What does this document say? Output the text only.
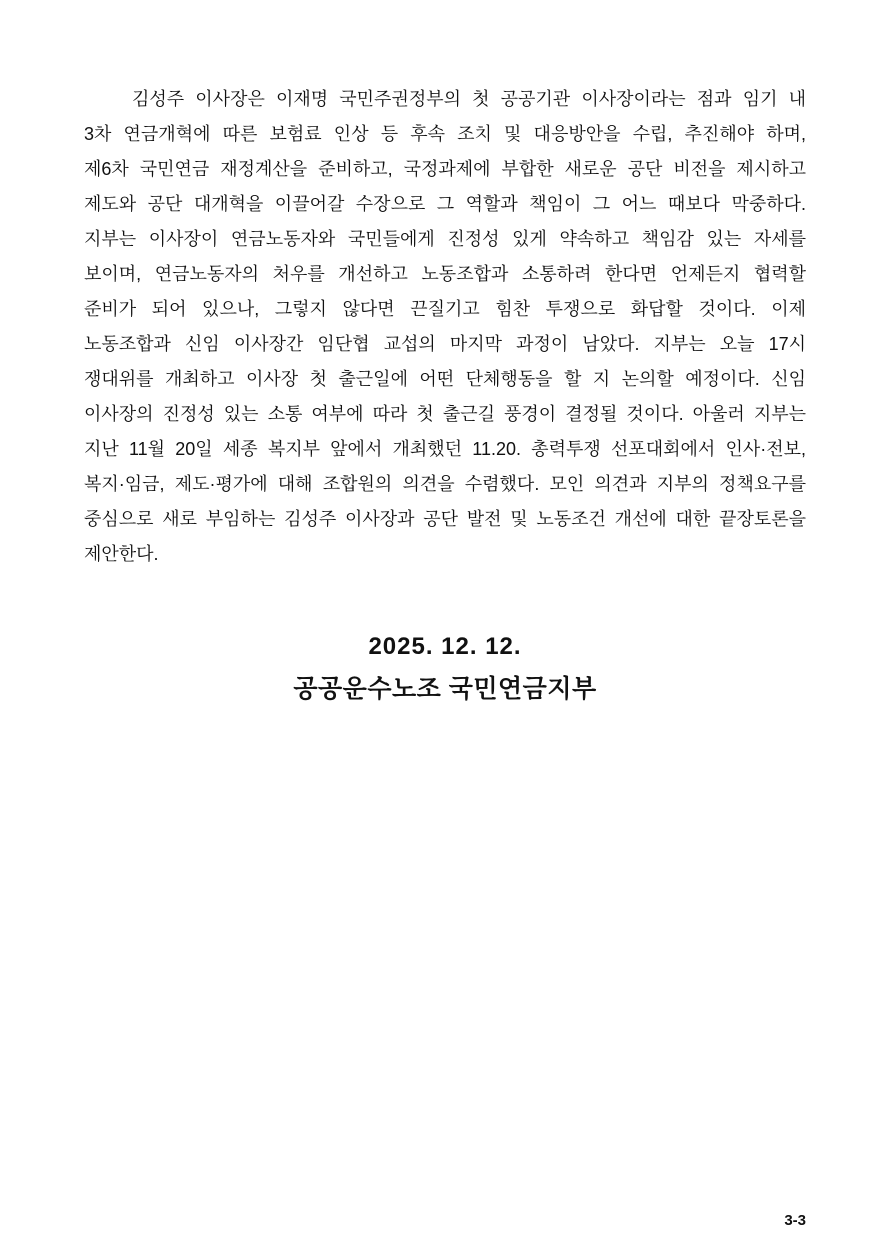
김성주 이사장은 이재명 국민주권정부의 첫 공공기관 이사장이라는 점과 임기 내
3차 연금개혁에 따른 보험료 인상 등 후속 조치 및 대응방안을 수립, 추진해야 하며,
제6차 국민연금 재정계산을 준비하고, 국정과제에 부합한 새로운 공단 비전을 제시하고
제도와 공단 대개혁을 이끌어갈 수장으로 그 역할과 책임이 그 어느 때보다 막중하다.
지부는 이사장이 연금노동자와 국민들에게 진정성 있게 약속하고 책임감 있는 자세를
보이며, 연금노동자의 처우를 개선하고 노동조합과 소통하려 한다면 언제든지 협력할
준비가 되어 있으나, 그렇지 않다면 끈질기고 힘찬 투쟁으로 화답할 것이다. 이제
노동조합과 신임 이사장간 임단협 교섭의 마지막 과정이 남았다. 지부는 오늘 17시
쟁대위를 개최하고 이사장 첫 출근일에 어떤 단체행동을 할 지 논의할 예정이다. 신임
이사장의 진정성 있는 소통 여부에 따라 첫 출근길 풍경이 결정될 것이다. 아울러 지부는
지난 11월 20일 세종 복지부 앞에서 개최했던 11.20. 총력투쟁 선포대회에서 인사·전보,
복지·임금, 제도·평가에 대해 조합원의 의견을 수렴했다. 모인 의견과 지부의 정책요구를
중심으로 새로 부임하는 김성주 이사장과 공단 발전 및 노동조건 개선에 대한 끝장토론을
제안한다.
2025. 12. 12.
공공운수노조 국민연금지부
3-3
